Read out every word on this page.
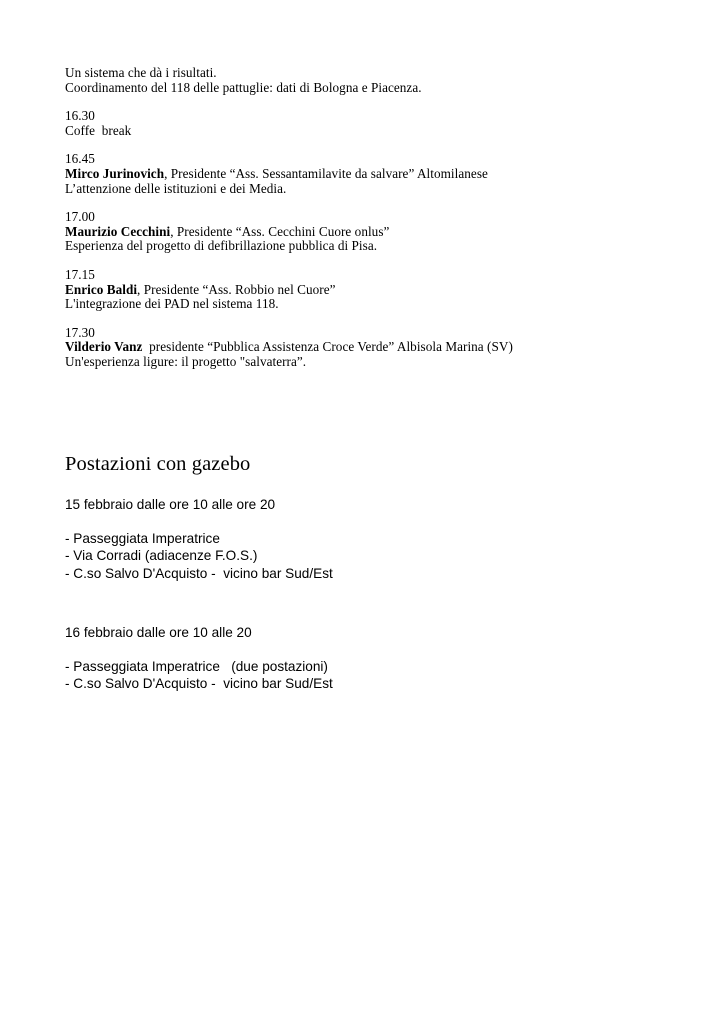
Un sistema che dà i risultati.
Coordinamento del 118 delle pattuglie: dati di Bologna e Piacenza.
16.30
Coffe  break
16.45
Mirco Jurinovich, Presidente “Ass. Sessantamilavite da salvare” Altomilanese
L’attenzione delle istituzioni e dei Media.
17.00
Maurizio Cecchini, Presidente “Ass. Cecchini Cuore onlus”
Esperienza del progetto di defibrillazione pubblica di Pisa.
17.15
Enrico Baldi, Presidente “Ass. Robbio nel Cuore”
L'integrazione dei PAD nel sistema 118.
17.30
Vilderio Vanz  presidente “Pubblica Assistenza Croce Verde” Albisola Marina (SV)
Un'esperienza ligure: il progetto "salvaterra”.
Postazioni con gazebo
15 febbraio dalle ore 10 alle ore 20
- Passeggiata Imperatrice
- Via Corradi (adiacenze F.O.S.)
- C.so Salvo D'Acquisto -  vicino bar Sud/Est
16 febbraio dalle ore 10 alle 20
- Passeggiata Imperatrice   (due postazioni)
- C.so Salvo D'Acquisto -  vicino bar Sud/Est
